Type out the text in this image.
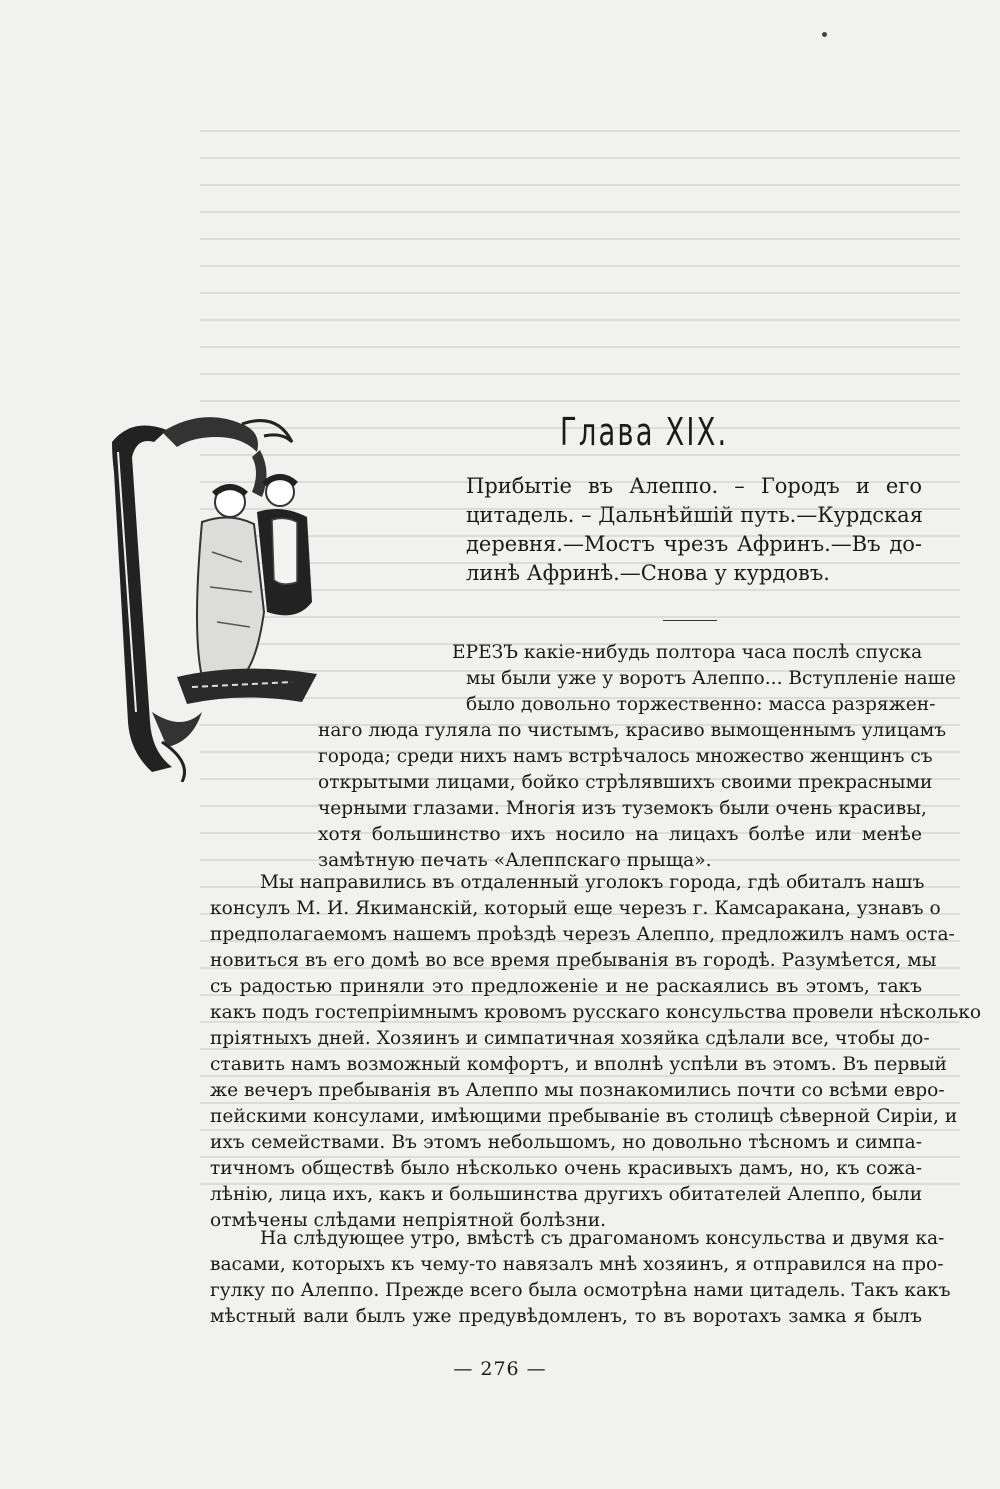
Глава XIX.
Прибытіе въ Алеппо. – Городъ и его
цитадель. – Дальнѣйшій путь.—Курдская
деревня.—Мостъ чрезъ Афринъ.—Въ до-
линѣ Афринѣ.—Снова у курдовъ.
ЕРЕЗЪ какіе-нибудь полтора часа послѣ спуска
мы были уже у воротъ Алеппо... Вступленіе наше
было довольно торжественно: масса разряжен-
наго люда гуляла по чистымъ, красиво вымощеннымъ улицамъ
города; среди нихъ намъ встрѣчалось множество женщинъ съ
открытыми лицами, бойко стрѣлявшихъ своими прекрасными
черными глазами. Многія изъ туземокъ были очень красивы,
хотя большинство ихъ носило на лицахъ болѣе или менѣе
замѣтную печать «Алеппскаго прыща».
Мы направились въ отдаленный уголокъ города, гдѣ обиталъ нашъ
консулъ М. И. Якиманскій, который еще черезъ г. Камсаракана, узнавъ о
предполагаемомъ нашемъ проѣздѣ черезъ Алеппо, предложилъ намъ оста-
новиться въ его домѣ во все время пребыванія въ городѣ. Разумѣется, мы
съ радостью приняли это предложеніе и не раскаялись въ этомъ, такъ
какъ подъ гостепріимнымъ кровомъ русскаго консульства провели нѣсколько
пріятныхъ дней. Хозяинъ и симпатичная хозяйка сдѣлали все, чтобы до-
ставить намъ возможный комфортъ, и вполнѣ успѣли въ этомъ. Въ первый
же вечеръ пребыванія въ Алеппо мы познакомились почти со всѣми евро-
пейскими консулами, имѣющими пребываніе въ столицѣ сѣверной Сиріи, и
ихъ семействами. Въ этомъ небольшомъ, но довольно тѣсномъ и симпа-
тичномъ обществѣ было нѣсколько очень красивыхъ дамъ, но, къ сожа-
лѣнію, лица ихъ, какъ и большинства другихъ обитателей Алеппо, были
отмѣчены слѣдами непріятной болѣзни.
На слѣдующее утро, вмѣстѣ съ драгоманомъ консульства и двумя ка-
васами, которыхъ къ чему-то навязалъ мнѣ хозяинъ, я отправился на про-
гулку по Алеппо. Прежде всего была осмотрѣна нами цитадель. Такъ какъ
мѣстный вали былъ уже предувѣдомленъ, то въ воротахъ замка я былъ
— 276 —
